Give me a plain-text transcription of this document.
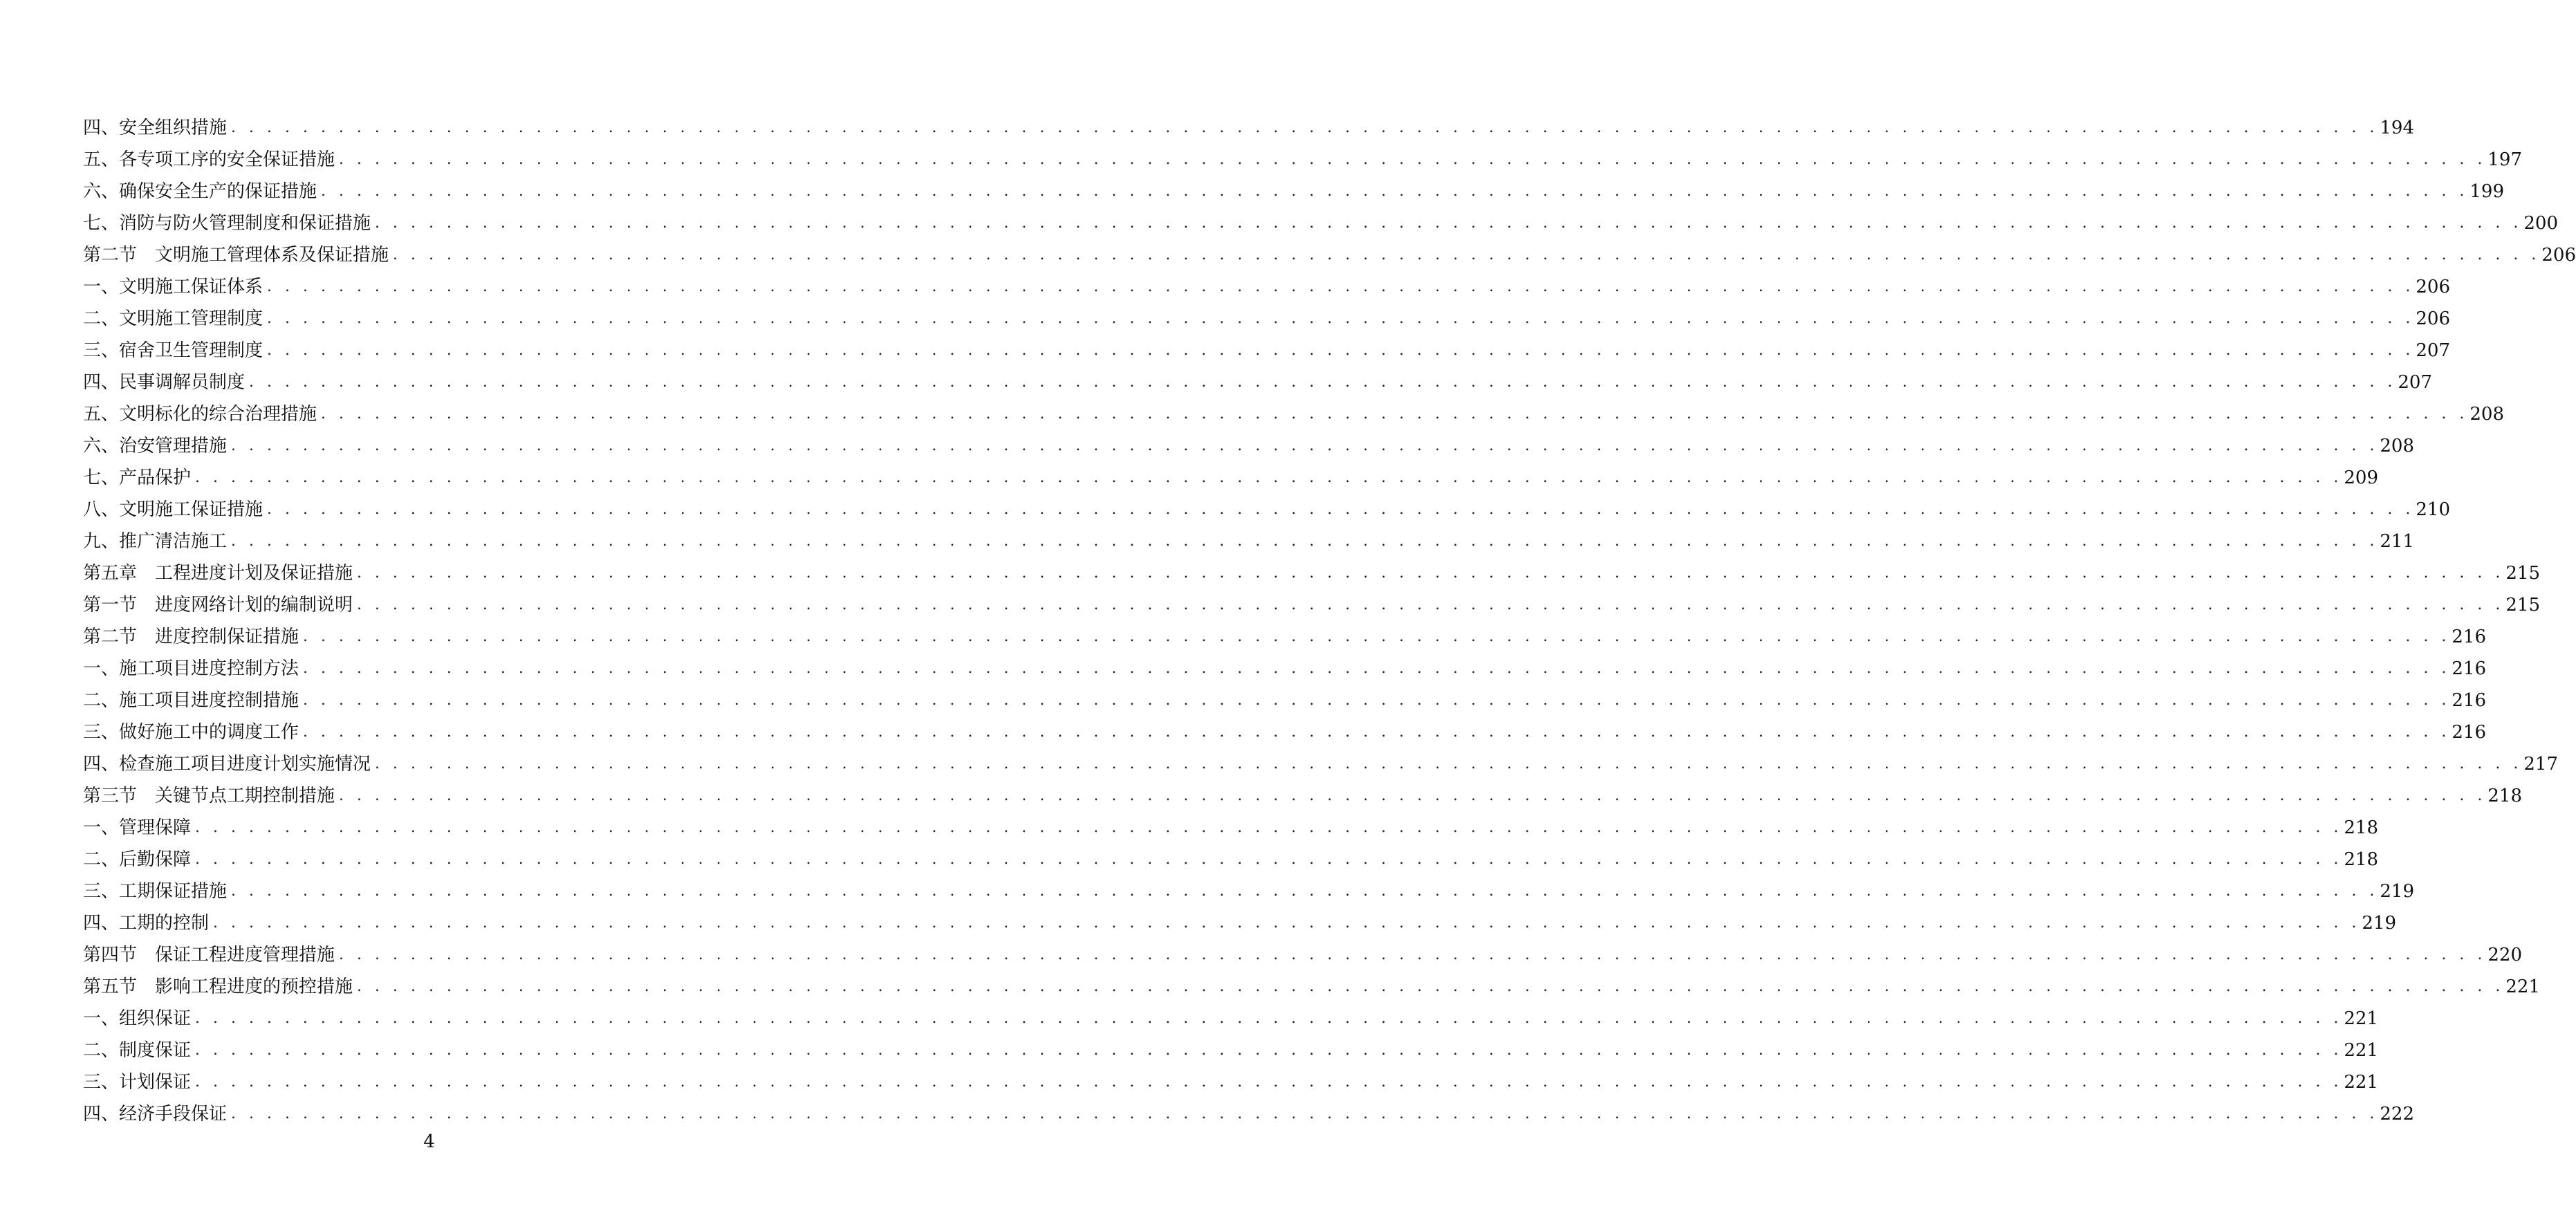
四、安全组织措施 . . . . . . . . . . . . . . . . . . . . . . . . . . . . . . . . . . . . . . . . . . . . . . . . . . . . . . . . . . . . . . . . . . . . . . . . . . . . . . . . . . . . . . . . . . . . . . . . . . . . . . . . . . . . . . . . . . . . . . . . 194
五、各专项工序的安全保证措施 . . . . . . . . . . . . . . . . . . . . . . . . . . . . . . . . . . . . . . . . . . . . . . . . . . . . . . . . . . . . . . . . . . . . . . . . . . . . . . . . . . . . . . . . . . . . . . . . . . . . . . . . . . . . . . . . . . . . . . . . 197
六、确保安全生产的保证措施 . . . . . . . . . . . . . . . . . . . . . . . . . . . . . . . . . . . . . . . . . . . . . . . . . . . . . . . . . . . . . . . . . . . . . . . . . . . . . . . . . . . . . . . . . . . . . . . . . . . . . . . . . . . . . . . . . . . . . . . . 199
七、消防与防火管理制度和保证措施 . . . . . . . . . . . . . . . . . . . . . . . . . . . . . . . . . . . . . . . . . . . . . . . . . . . . . . . . . . . . . . . . . . . . . . . . . . . . . . . . . . . . . . . . . . . . . . . . . . . . . . . . . . . . . . . . . . . . . . . . 200
第二节　文明施工管理体系及保证措施 . . . . . . . . . . . . . . . . . . . . . . . . . . . . . . . . . . . . . . . . . . . . . . . . . . . . . . . . . . . . . . . . . . . . . . . . . . . . . . . . . . . . . . . . . . . . . . . . . . . . . . . . . . . . . . . . . . . . . . . . 206
一、文明施工保证体系 . . . . . . . . . . . . . . . . . . . . . . . . . . . . . . . . . . . . . . . . . . . . . . . . . . . . . . . . . . . . . . . . . . . . . . . . . . . . . . . . . . . . . . . . . . . . . . . . . . . . . . . . . . . . . . . . . . . . . . . . 206
二、文明施工管理制度 . . . . . . . . . . . . . . . . . . . . . . . . . . . . . . . . . . . . . . . . . . . . . . . . . . . . . . . . . . . . . . . . . . . . . . . . . . . . . . . . . . . . . . . . . . . . . . . . . . . . . . . . . . . . . . . . . . . . . . . . 206
三、宿舍卫生管理制度 . . . . . . . . . . . . . . . . . . . . . . . . . . . . . . . . . . . . . . . . . . . . . . . . . . . . . . . . . . . . . . . . . . . . . . . . . . . . . . . . . . . . . . . . . . . . . . . . . . . . . . . . . . . . . . . . . . . . . . . . 207
四、民事调解员制度 . . . . . . . . . . . . . . . . . . . . . . . . . . . . . . . . . . . . . . . . . . . . . . . . . . . . . . . . . . . . . . . . . . . . . . . . . . . . . . . . . . . . . . . . . . . . . . . . . . . . . . . . . . . . . . . . . . . . . . . . 207
五、文明标化的综合治理措施 . . . . . . . . . . . . . . . . . . . . . . . . . . . . . . . . . . . . . . . . . . . . . . . . . . . . . . . . . . . . . . . . . . . . . . . . . . . . . . . . . . . . . . . . . . . . . . . . . . . . . . . . . . . . . . . . . . . . . . . . 208
六、治安管理措施 . . . . . . . . . . . . . . . . . . . . . . . . . . . . . . . . . . . . . . . . . . . . . . . . . . . . . . . . . . . . . . . . . . . . . . . . . . . . . . . . . . . . . . . . . . . . . . . . . . . . . . . . . . . . . . . . . . . . . . . . 208
七、产品保护 . . . . . . . . . . . . . . . . . . . . . . . . . . . . . . . . . . . . . . . . . . . . . . . . . . . . . . . . . . . . . . . . . . . . . . . . . . . . . . . . . . . . . . . . . . . . . . . . . . . . . . . . . . . . . . . . . . . . . . . . 209
八、文明施工保证措施 . . . . . . . . . . . . . . . . . . . . . . . . . . . . . . . . . . . . . . . . . . . . . . . . . . . . . . . . . . . . . . . . . . . . . . . . . . . . . . . . . . . . . . . . . . . . . . . . . . . . . . . . . . . . . . . . . . . . . . . . 210
九、推广清洁施工 . . . . . . . . . . . . . . . . . . . . . . . . . . . . . . . . . . . . . . . . . . . . . . . . . . . . . . . . . . . . . . . . . . . . . . . . . . . . . . . . . . . . . . . . . . . . . . . . . . . . . . . . . . . . . . . . . . . . . . . . 211
第五章　工程进度计划及保证措施 . . . . . . . . . . . . . . . . . . . . . . . . . . . . . . . . . . . . . . . . . . . . . . . . . . . . . . . . . . . . . . . . . . . . . . . . . . . . . . . . . . . . . . . . . . . . . . . . . . . . . . . . . . . . . . . . . . . . . . . . 215
第一节　进度网络计划的编制说明 . . . . . . . . . . . . . . . . . . . . . . . . . . . . . . . . . . . . . . . . . . . . . . . . . . . . . . . . . . . . . . . . . . . . . . . . . . . . . . . . . . . . . . . . . . . . . . . . . . . . . . . . . . . . . . . . . . . . . . . . 215
第二节　进度控制保证措施 . . . . . . . . . . . . . . . . . . . . . . . . . . . . . . . . . . . . . . . . . . . . . . . . . . . . . . . . . . . . . . . . . . . . . . . . . . . . . . . . . . . . . . . . . . . . . . . . . . . . . . . . . . . . . . . . . . . . . . . . 216
一、施工项目进度控制方法 . . . . . . . . . . . . . . . . . . . . . . . . . . . . . . . . . . . . . . . . . . . . . . . . . . . . . . . . . . . . . . . . . . . . . . . . . . . . . . . . . . . . . . . . . . . . . . . . . . . . . . . . . . . . . . . . . . . . . . . . 216
二、施工项目进度控制措施 . . . . . . . . . . . . . . . . . . . . . . . . . . . . . . . . . . . . . . . . . . . . . . . . . . . . . . . . . . . . . . . . . . . . . . . . . . . . . . . . . . . . . . . . . . . . . . . . . . . . . . . . . . . . . . . . . . . . . . . . 216
三、做好施工中的调度工作 . . . . . . . . . . . . . . . . . . . . . . . . . . . . . . . . . . . . . . . . . . . . . . . . . . . . . . . . . . . . . . . . . . . . . . . . . . . . . . . . . . . . . . . . . . . . . . . . . . . . . . . . . . . . . . . . . . . . . . . . 216
四、检查施工项目进度计划实施情况 . . . . . . . . . . . . . . . . . . . . . . . . . . . . . . . . . . . . . . . . . . . . . . . . . . . . . . . . . . . . . . . . . . . . . . . . . . . . . . . . . . . . . . . . . . . . . . . . . . . . . . . . . . . . . . . . . . . . . . . . 217
第三节　关键节点工期控制措施 . . . . . . . . . . . . . . . . . . . . . . . . . . . . . . . . . . . . . . . . . . . . . . . . . . . . . . . . . . . . . . . . . . . . . . . . . . . . . . . . . . . . . . . . . . . . . . . . . . . . . . . . . . . . . . . . . . . . . . . . 218
一、管理保障 . . . . . . . . . . . . . . . . . . . . . . . . . . . . . . . . . . . . . . . . . . . . . . . . . . . . . . . . . . . . . . . . . . . . . . . . . . . . . . . . . . . . . . . . . . . . . . . . . . . . . . . . . . . . . . . . . . . . . . . . 218
二、后勤保障 . . . . . . . . . . . . . . . . . . . . . . . . . . . . . . . . . . . . . . . . . . . . . . . . . . . . . . . . . . . . . . . . . . . . . . . . . . . . . . . . . . . . . . . . . . . . . . . . . . . . . . . . . . . . . . . . . . . . . . . . 218
三、工期保证措施 . . . . . . . . . . . . . . . . . . . . . . . . . . . . . . . . . . . . . . . . . . . . . . . . . . . . . . . . . . . . . . . . . . . . . . . . . . . . . . . . . . . . . . . . . . . . . . . . . . . . . . . . . . . . . . . . . . . . . . . . 219
四、工期的控制 . . . . . . . . . . . . . . . . . . . . . . . . . . . . . . . . . . . . . . . . . . . . . . . . . . . . . . . . . . . . . . . . . . . . . . . . . . . . . . . . . . . . . . . . . . . . . . . . . . . . . . . . . . . . . . . . . . . . . . . . 219
第四节　保证工程进度管理措施 . . . . . . . . . . . . . . . . . . . . . . . . . . . . . . . . . . . . . . . . . . . . . . . . . . . . . . . . . . . . . . . . . . . . . . . . . . . . . . . . . . . . . . . . . . . . . . . . . . . . . . . . . . . . . . . . . . . . . . . . 220
第五节　影响工程进度的预控措施 . . . . . . . . . . . . . . . . . . . . . . . . . . . . . . . . . . . . . . . . . . . . . . . . . . . . . . . . . . . . . . . . . . . . . . . . . . . . . . . . . . . . . . . . . . . . . . . . . . . . . . . . . . . . . . . . . . . . . . . . 221
一、组织保证 . . . . . . . . . . . . . . . . . . . . . . . . . . . . . . . . . . . . . . . . . . . . . . . . . . . . . . . . . . . . . . . . . . . . . . . . . . . . . . . . . . . . . . . . . . . . . . . . . . . . . . . . . . . . . . . . . . . . . . . . 221
二、制度保证 . . . . . . . . . . . . . . . . . . . . . . . . . . . . . . . . . . . . . . . . . . . . . . . . . . . . . . . . . . . . . . . . . . . . . . . . . . . . . . . . . . . . . . . . . . . . . . . . . . . . . . . . . . . . . . . . . . . . . . . . 221
三、计划保证 . . . . . . . . . . . . . . . . . . . . . . . . . . . . . . . . . . . . . . . . . . . . . . . . . . . . . . . . . . . . . . . . . . . . . . . . . . . . . . . . . . . . . . . . . . . . . . . . . . . . . . . . . . . . . . . . . . . . . . . . 221
四、经济手段保证 . . . . . . . . . . . . . . . . . . . . . . . . . . . . . . . . . . . . . . . . . . . . . . . . . . . . . . . . . . . . . . . . . . . . . . . . . . . . . . . . . . . . . . . . . . . . . . . . . . . . . . . . . . . . . . . . . . . . . . . . 222
4
